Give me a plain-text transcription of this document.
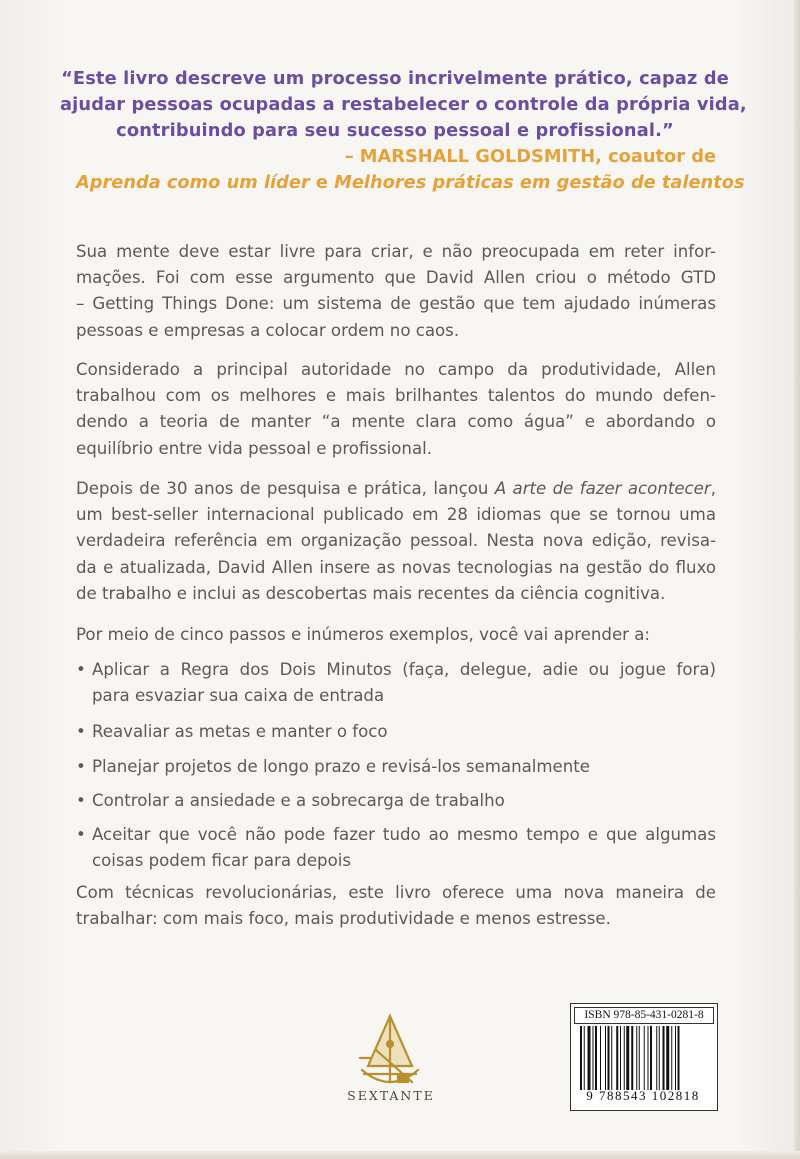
“Este livro descreve um processo incrivelmente prático, capaz de
ajudar pessoas ocupadas a restabelecer o controle da própria vida,
contribuindo para seu sucesso pessoal e profissional.”
– MARSHALL GOLDSMITH, coautor de
Aprenda como um líder e Melhores práticas em gestão de talentos
Sua mente deve estar livre para criar, e não preocupada em reter infor-
mações. Foi com esse argumento que David Allen criou o método GTD
– Getting Things Done: um sistema de gestão que tem ajudado inúmeras
pessoas e empresas a colocar ordem no caos.
Considerado a principal autoridade no campo da produtividade, Allen
trabalhou com os melhores e mais brilhantes talentos do mundo defen-
dendo a teoria de manter “a mente clara como água” e abordando o
equilíbrio entre vida pessoal e profissional.
Depois de 30 anos de pesquisa e prática, lançou A arte de fazer acontecer,
um best-seller internacional publicado em 28 idiomas que se tornou uma
verdadeira referência em organização pessoal. Nesta nova edição, revisa-
da e atualizada, David Allen insere as novas tecnologias na gestão do fluxo
de trabalho e inclui as descobertas mais recentes da ciência cognitiva.
Por meio de cinco passos e inúmeros exemplos, você vai aprender a:
• Aplicar a Regra dos Dois Minutos (faça, delegue, adie ou jogue fora)
para esvaziar sua caixa de entrada
• Reavaliar as metas e manter o foco
• Planejar projetos de longo prazo e revisá-los semanalmente
• Controlar a ansiedade e a sobrecarga de trabalho
• Aceitar que você não pode fazer tudo ao mesmo tempo e que algumas
coisas podem ficar para depois
Com técnicas revolucionárias, este livro oferece uma nova maneira de
trabalhar: com mais foco, mais produtividade e menos estresse.
SEXTANTE
ISBN 978-85-431-0281-8
9 788543 102818
